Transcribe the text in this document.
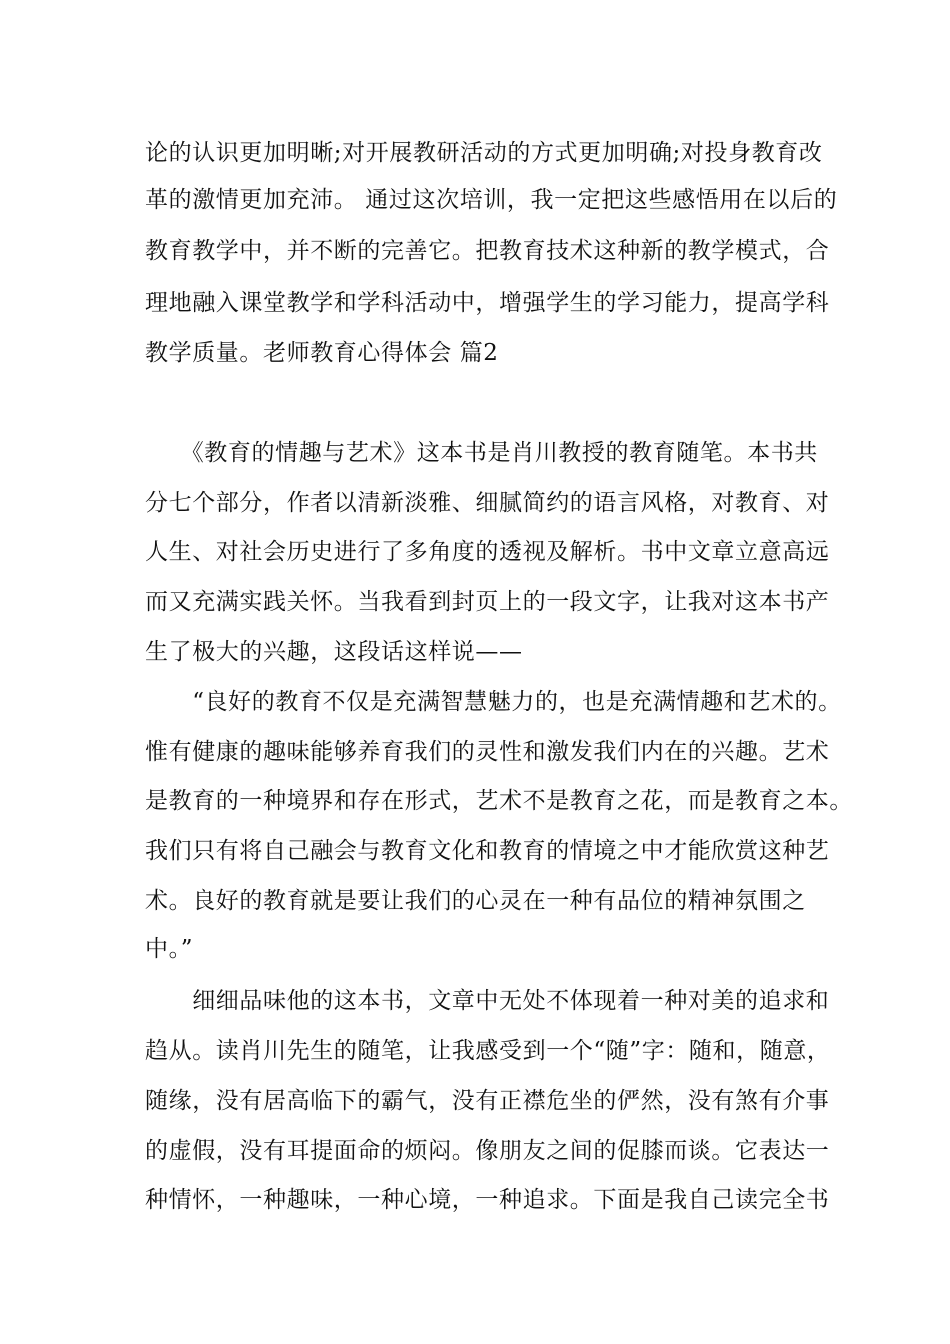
论的认识更加明晰;对开展教研活动的方式更加明确;对投身教育改
革的激情更加充沛。 通过这次培训，我一定把这些感悟用在以后的
教育教学中，并不断的完善它。把教育技术这种新的教学模式，合
理地融入课堂教学和学科活动中，增强学生的学习能力，提高学科
教学质量。老师教育心得体会 篇2
　　《教育的情趣与艺术》这本书是肖川教授的教育随笔。本书共
分七个部分，作者以清新淡雅、细腻简约的语言风格，对教育、对
人生、对社会历史进行了多角度的透视及解析。书中文章立意高远
而又充满实践关怀。当我看到封页上的一段文字，让我对这本书产
生了极大的兴趣，这段话这样说——
　　“良好的教育不仅是充满智慧魅力的，也是充满情趣和艺术的。
惟有健康的趣味能够养育我们的灵性和激发我们内在的兴趣。艺术
是教育的一种境界和存在形式，艺术不是教育之花，而是教育之本。
我们只有将自己融会与教育文化和教育的情境之中才能欣赏这种艺
术。良好的教育就是要让我们的心灵在一种有品位的精神氛围之
中。”
　　细细品味他的这本书，文章中无处不体现着一种对美的追求和
趋从。读肖川先生的随笔，让我感受到一个“随”字：随和，随意，
随缘，没有居高临下的霸气，没有正襟危坐的俨然，没有煞有介事
的虚假，没有耳提面命的烦闷。像朋友之间的促膝而谈。它表达一
种情怀，一种趣味，一种心境，一种追求。下面是我自己读完全书
